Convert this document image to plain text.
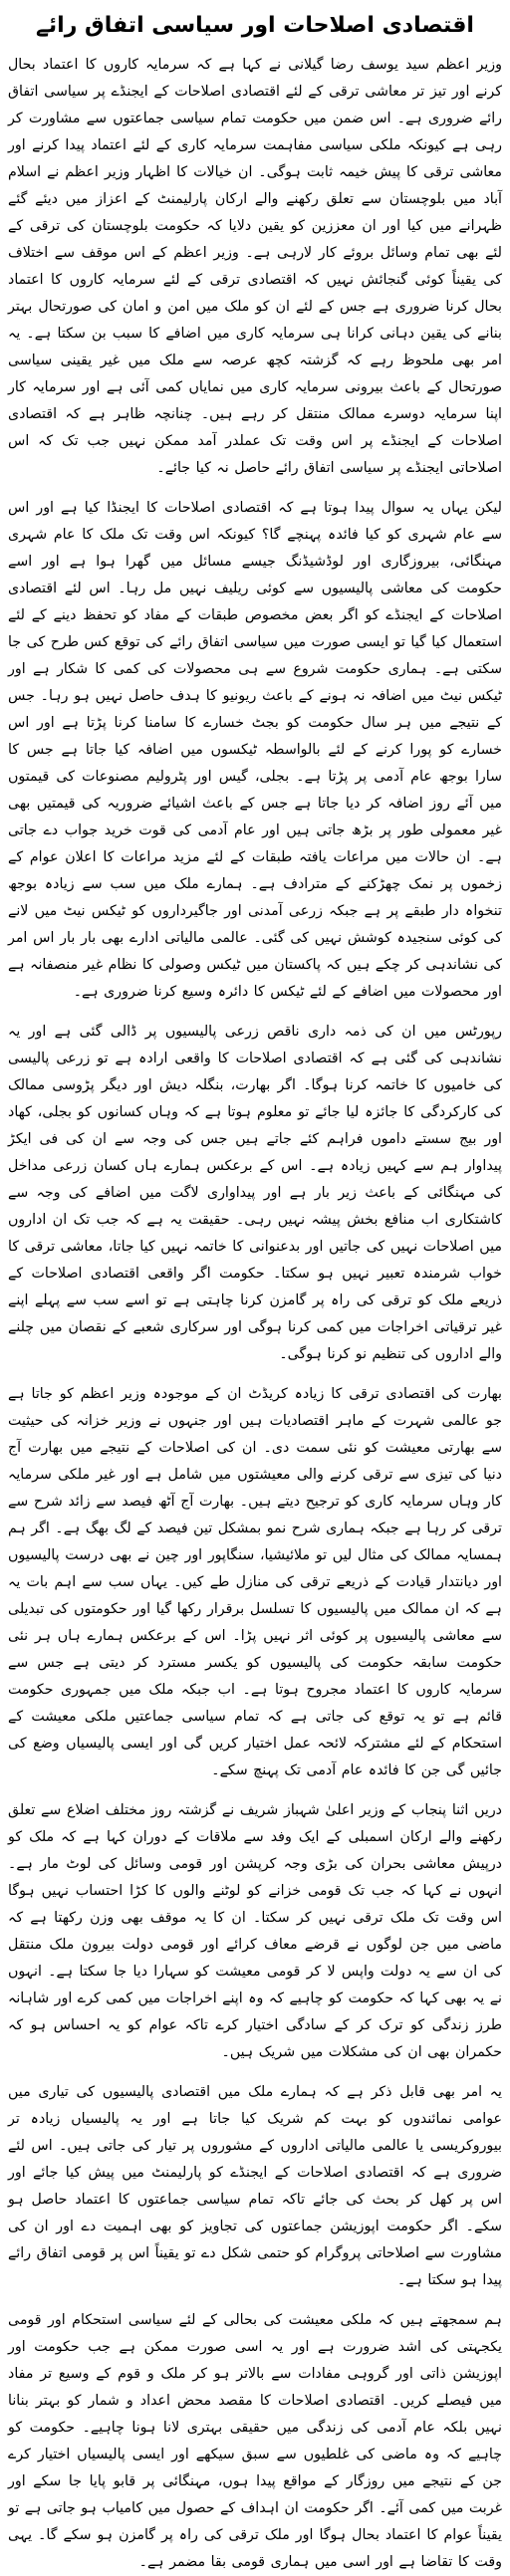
اقتصادی اصلاحات اور سیاسی اتفاق رائے

وزیر اعظم سید یوسف رضا گیلانی نے کہا ہے کہ سرمایہ کاروں کا اعتماد بحال کرنے اور تیز تر معاشی ترقی کے لئے اقتصادی اصلاحات کے ایجنڈے پر سیاسی اتفاق رائے ضروری ہے۔ اس ضمن میں حکومت تمام سیاسی جماعتوں سے مشاورت کر رہی ہے کیونکہ ملکی سیاسی مفاہمت سرمایہ کاری کے لئے اعتماد پیدا کرنے اور معاشی ترقی کا پیش خیمہ ثابت ہوگی۔ ان خیالات کا اظہار وزیر اعظم نے اسلام آباد میں بلوچستان سے تعلق رکھنے والے ارکان پارلیمنٹ کے اعزاز میں دیئے گئے ظہرانے میں کیا اور ان معززین کو یقین دلایا کہ حکومت بلوچستان کی ترقی کے لئے بھی تمام وسائل بروئے کار لارہی ہے۔ وزیر اعظم کے اس موقف سے اختلاف کی یقیناً کوئی گنجائش نہیں کہ اقتصادی ترقی کے لئے سرمایہ کاروں کا اعتماد بحال کرنا ضروری ہے جس کے لئے ان کو ملک میں امن و امان کی صورتحال بہتر بنانے کی یقین دہانی کرانا ہی سرمایہ کاری میں اضافے کا سبب بن سکتا ہے۔ یہ امر بھی ملحوظ رہے کہ گزشتہ کچھ عرصہ سے ملک میں غیر یقینی سیاسی صورتحال کے باعث بیرونی سرمایہ کاری میں نمایاں کمی آئی ہے اور سرمایہ کار اپنا سرمایہ دوسرے ممالک منتقل کر رہے ہیں۔ چنانچہ ظاہر ہے کہ اقتصادی اصلاحات کے ایجنڈے پر اس وقت تک عملدر آمد ممکن نہیں جب تک کہ اس اصلاحاتی ایجنڈے پر سیاسی اتفاق رائے حاصل نہ کیا جائے۔

لیکن یہاں یہ سوال پیدا ہوتا ہے کہ اقتصادی اصلاحات کا ایجنڈا کیا ہے اور اس سے عام شہری کو کیا فائدہ پہنچے گا؟ کیونکہ اس وقت تک ملک کا عام شہری مہنگائی، بیروزگاری اور لوڈشیڈنگ جیسے مسائل میں گھرا ہوا ہے اور اسے حکومت کی معاشی پالیسیوں سے کوئی ریلیف نہیں مل رہا۔ اس لئے اقتصادی اصلاحات کے ایجنڈے کو اگر بعض مخصوص طبقات کے مفاد کو تحفظ دینے کے لئے استعمال کیا گیا تو ایسی صورت میں سیاسی اتفاق رائے کی توقع کس طرح کی جا سکتی ہے۔ ہماری حکومت شروع سے ہی محصولات کی کمی کا شکار ہے اور ٹیکس نیٹ میں اضافہ نہ ہونے کے باعث ریونیو کا ہدف حاصل نہیں ہو رہا۔ جس کے نتیجے میں ہر سال حکومت کو بجٹ خسارے کا سامنا کرنا پڑتا ہے اور اس خسارے کو پورا کرنے کے لئے بالواسطہ ٹیکسوں میں اضافہ کیا جاتا ہے جس کا سارا بوجھ عام آدمی پر پڑتا ہے۔ بجلی، گیس اور پٹرولیم مصنوعات کی قیمتوں میں آئے روز اضافہ کر دیا جاتا ہے جس کے باعث اشیائے ضروریہ کی قیمتیں بھی غیر معمولی طور پر بڑھ جاتی ہیں اور عام آدمی کی قوت خرید جواب دے جاتی ہے۔ ان حالات میں مراعات یافتہ طبقات کے لئے مزید مراعات کا اعلان عوام کے زخموں پر نمک چھڑکنے کے مترادف ہے۔ ہمارے ملک میں سب سے زیادہ بوجھ تنخواہ دار طبقے پر ہے جبکہ زرعی آمدنی اور جاگیرداروں کو ٹیکس نیٹ میں لانے کی کوئی سنجیدہ کوشش نہیں کی گئی۔ عالمی مالیاتی ادارے بھی بار بار اس امر کی نشاندہی کر چکے ہیں کہ پاکستان میں ٹیکس وصولی کا نظام غیر منصفانہ ہے اور محصولات میں اضافے کے لئے ٹیکس کا دائرہ وسیع کرنا ضروری ہے۔

رپورٹس میں ان کی ذمہ داری ناقص زرعی پالیسیوں پر ڈالی گئی ہے اور یہ نشاندہی کی گئی ہے کہ اقتصادی اصلاحات کا واقعی ارادہ ہے تو زرعی پالیسی کی خامیوں کا خاتمہ کرنا ہوگا۔ اگر بھارت، بنگلہ دیش اور دیگر پڑوسی ممالک کی کارکردگی کا جائزہ لیا جائے تو معلوم ہوتا ہے کہ وہاں کسانوں کو بجلی، کھاد اور بیج سستے داموں فراہم کئے جاتے ہیں جس کی وجہ سے ان کی فی ایکڑ پیداوار ہم سے کہیں زیادہ ہے۔ اس کے برعکس ہمارے ہاں کسان زرعی مداخل کی مہنگائی کے باعث زیر بار ہے اور پیداواری لاگت میں اضافے کی وجہ سے کاشتکاری اب منافع بخش پیشہ نہیں رہی۔ حقیقت یہ ہے کہ جب تک ان اداروں میں اصلاحات نہیں کی جاتیں اور بدعنوانی کا خاتمہ نہیں کیا جاتا، معاشی ترقی کا خواب شرمندہ تعبیر نہیں ہو سکتا۔ حکومت اگر واقعی اقتصادی اصلاحات کے ذریعے ملک کو ترقی کی راہ پر گامزن کرنا چاہتی ہے تو اسے سب سے پہلے اپنے غیر ترقیاتی اخراجات میں کمی کرنا ہوگی اور سرکاری شعبے کے نقصان میں چلنے والے اداروں کی تنظیم نو کرنا ہوگی۔

بھارت کی اقتصادی ترقی کا زیادہ کریڈٹ ان کے موجودہ وزیر اعظم کو جاتا ہے جو عالمی شہرت کے ماہر اقتصادیات ہیں اور جنہوں نے وزیر خزانہ کی حیثیت سے بھارتی معیشت کو نئی سمت دی۔ ان کی اصلاحات کے نتیجے میں بھارت آج دنیا کی تیزی سے ترقی کرنے والی معیشتوں میں شامل ہے اور غیر ملکی سرمایہ کار وہاں سرمایہ کاری کو ترجیح دیتے ہیں۔ بھارت آج آٹھ فیصد سے زائد شرح سے ترقی کر رہا ہے جبکہ ہماری شرح نمو بمشکل تین فیصد کے لگ بھگ ہے۔ اگر ہم ہمسایہ ممالک کی مثال لیں تو ملائیشیا، سنگاپور اور چین نے بھی درست پالیسیوں اور دیانتدار قیادت کے ذریعے ترقی کی منازل طے کیں۔ یہاں سب سے اہم بات یہ ہے کہ ان ممالک میں پالیسیوں کا تسلسل برقرار رکھا گیا اور حکومتوں کی تبدیلی سے معاشی پالیسیوں پر کوئی اثر نہیں پڑا۔ اس کے برعکس ہمارے ہاں ہر نئی حکومت سابقہ حکومت کی پالیسیوں کو یکسر مسترد کر دیتی ہے جس سے سرمایہ کاروں کا اعتماد مجروح ہوتا ہے۔ اب جبکہ ملک میں جمہوری حکومت قائم ہے تو یہ توقع کی جاتی ہے کہ تمام سیاسی جماعتیں ملکی معیشت کے استحکام کے لئے مشترکہ لائحہ عمل اختیار کریں گی اور ایسی پالیسیاں وضع کی جائیں گی جن کا فائدہ عام آدمی تک پہنچ سکے۔

دریں اثنا پنجاب کے وزیر اعلیٰ شہباز شریف نے گزشتہ روز مختلف اضلاع سے تعلق رکھنے والے ارکان اسمبلی کے ایک وفد سے ملاقات کے دوران کہا ہے کہ ملک کو درپیش معاشی بحران کی بڑی وجہ کرپشن اور قومی وسائل کی لوٹ مار ہے۔ انہوں نے کہا کہ جب تک قومی خزانے کو لوٹنے والوں کا کڑا احتساب نہیں ہوگا اس وقت تک ملک ترقی نہیں کر سکتا۔ ان کا یہ موقف بھی وزن رکھتا ہے کہ ماضی میں جن لوگوں نے قرضے معاف کرائے اور قومی دولت بیرون ملک منتقل کی ان سے یہ دولت واپس لا کر قومی معیشت کو سہارا دیا جا سکتا ہے۔ انہوں نے یہ بھی کہا کہ حکومت کو چاہیے کہ وہ اپنے اخراجات میں کمی کرے اور شاہانہ طرز زندگی کو ترک کر کے سادگی اختیار کرے تاکہ عوام کو یہ احساس ہو کہ حکمران بھی ان کی مشکلات میں شریک ہیں۔

یہ امر بھی قابل ذکر ہے کہ ہمارے ملک میں اقتصادی پالیسیوں کی تیاری میں عوامی نمائندوں کو بہت کم شریک کیا جاتا ہے اور یہ پالیسیاں زیادہ تر بیوروکریسی یا عالمی مالیاتی اداروں کے مشوروں پر تیار کی جاتی ہیں۔ اس لئے ضروری ہے کہ اقتصادی اصلاحات کے ایجنڈے کو پارلیمنٹ میں پیش کیا جائے اور اس پر کھل کر بحث کی جائے تاکہ تمام سیاسی جماعتوں کا اعتماد حاصل ہو سکے۔ اگر حکومت اپوزیشن جماعتوں کی تجاویز کو بھی اہمیت دے اور ان کی مشاورت سے اصلاحاتی پروگرام کو حتمی شکل دے تو یقیناً اس پر قومی اتفاق رائے پیدا ہو سکتا ہے۔

ہم سمجھتے ہیں کہ ملکی معیشت کی بحالی کے لئے سیاسی استحکام اور قومی یکجہتی کی اشد ضرورت ہے اور یہ اسی صورت ممکن ہے جب حکومت اور اپوزیشن ذاتی اور گروہی مفادات سے بالاتر ہو کر ملک و قوم کے وسیع تر مفاد میں فیصلے کریں۔ اقتصادی اصلاحات کا مقصد محض اعداد و شمار کو بہتر بنانا نہیں بلکہ عام آدمی کی زندگی میں حقیقی بہتری لانا ہونا چاہیے۔ حکومت کو چاہیے کہ وہ ماضی کی غلطیوں سے سبق سیکھے اور ایسی پالیسیاں اختیار کرے جن کے نتیجے میں روزگار کے مواقع پیدا ہوں، مہنگائی پر قابو پایا جا سکے اور غربت میں کمی آئے۔ اگر حکومت ان اہداف کے حصول میں کامیاب ہو جاتی ہے تو یقیناً عوام کا اعتماد بحال ہوگا اور ملک ترقی کی راہ پر گامزن ہو سکے گا۔ یہی وقت کا تقاضا ہے اور اسی میں ہماری قومی بقا مضمر ہے۔
